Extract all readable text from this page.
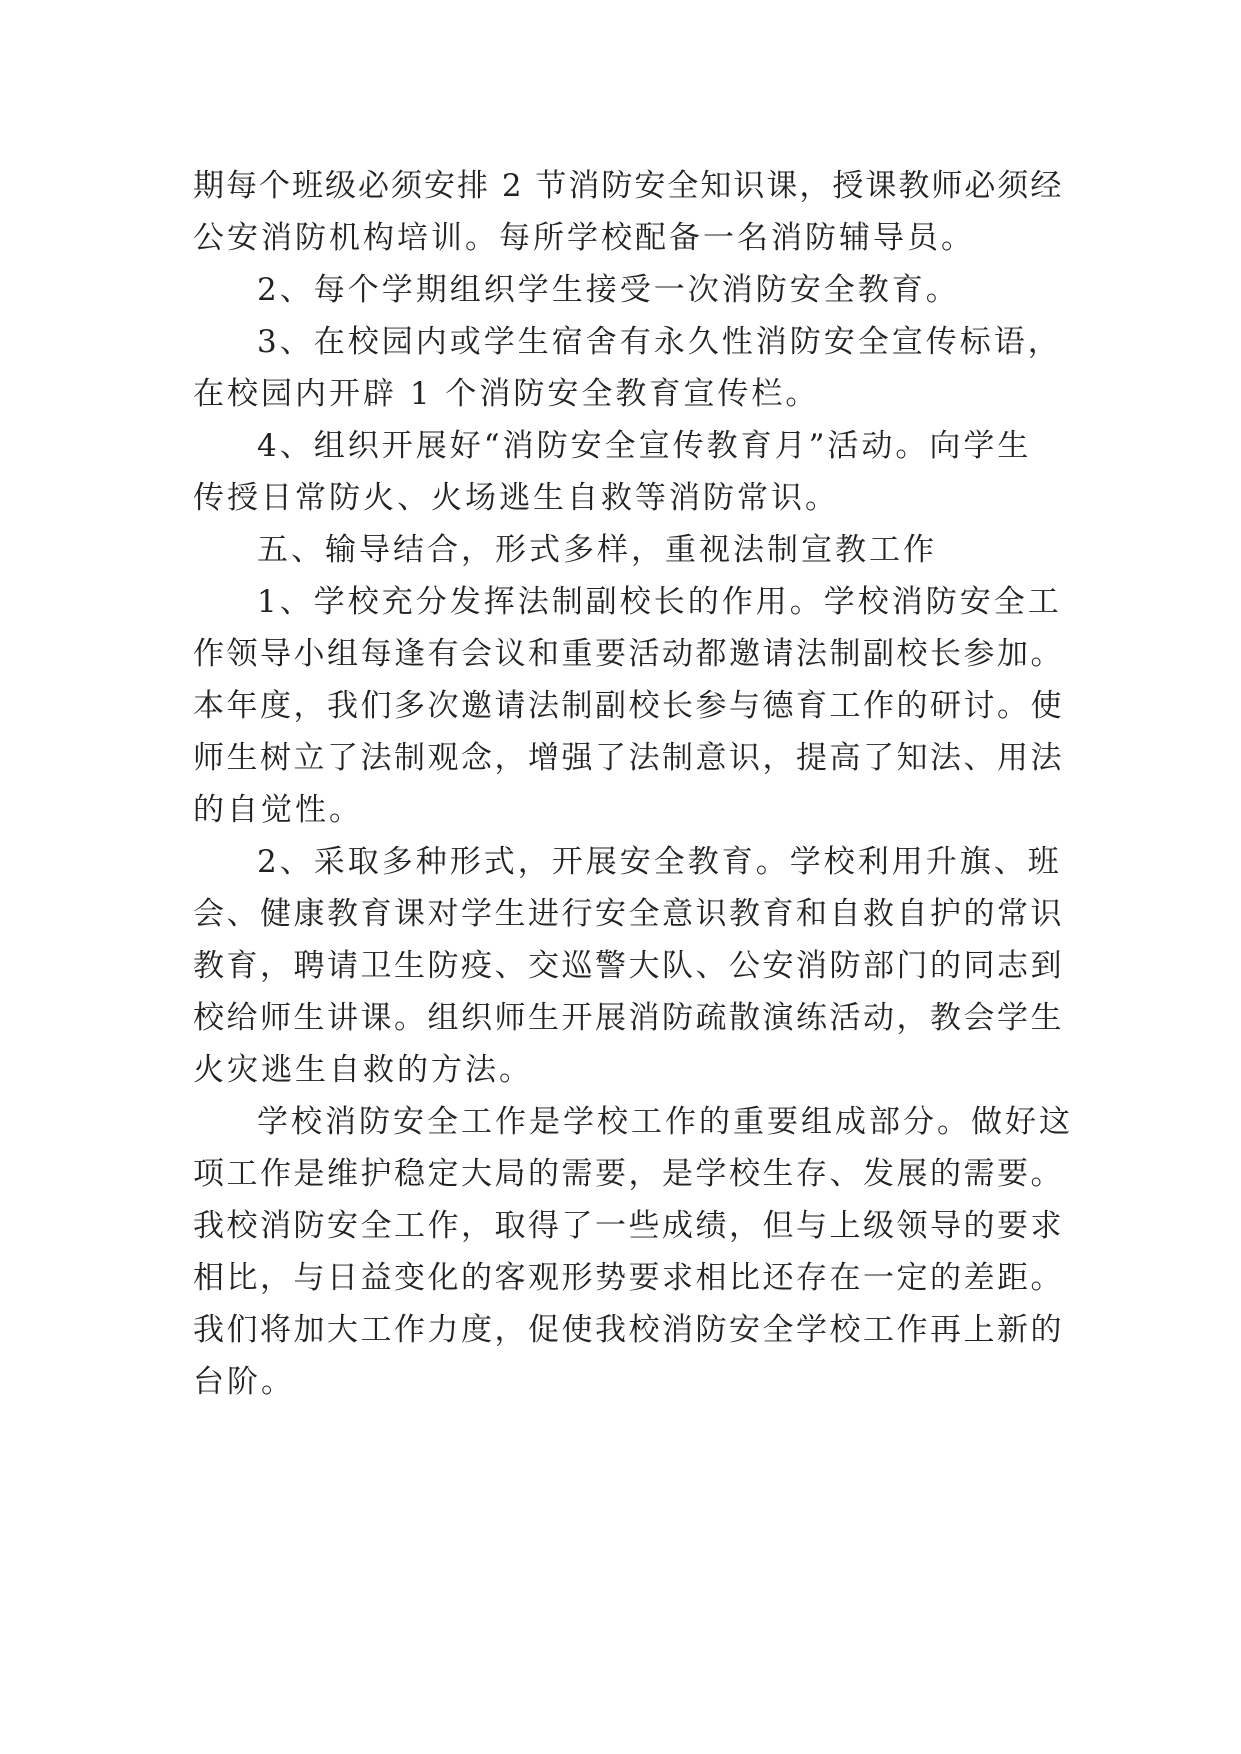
期每个班级必须安排 2 节消防安全知识课，授课教师必须经

公安消防机构培训。每所学校配备一名消防辅导员。

2、每个学期组织学生接受一次消防安全教育。

3、在校园内或学生宿舍有永久性消防安全宣传标语，

在校园内开辟 1 个消防安全教育宣传栏。

4、组织开展好“消防安全宣传教育月”活动。向学生

传授日常防火、火场逃生自救等消防常识。

五、输导结合，形式多样，重视法制宣教工作

1、学校充分发挥法制副校长的作用。学校消防安全工

作领导小组每逢有会议和重要活动都邀请法制副校长参加。

本年度，我们多次邀请法制副校长参与德育工作的研讨。使

师生树立了法制观念，增强了法制意识，提高了知法、用法

的自觉性。

2、采取多种形式，开展安全教育。学校利用升旗、班

会、健康教育课对学生进行安全意识教育和自救自护的常识

教育，聘请卫生防疫、交巡警大队、公安消防部门的同志到

校给师生讲课。组织师生开展消防疏散演练活动，教会学生

火灾逃生自救的方法。

学校消防安全工作是学校工作的重要组成部分。做好这

项工作是维护稳定大局的需要，是学校生存、发展的需要。

我校消防安全工作，取得了一些成绩，但与上级领导的要求

相比，与日益变化的客观形势要求相比还存在一定的差距。

我们将加大工作力度，促使我校消防安全学校工作再上新的

台阶。
